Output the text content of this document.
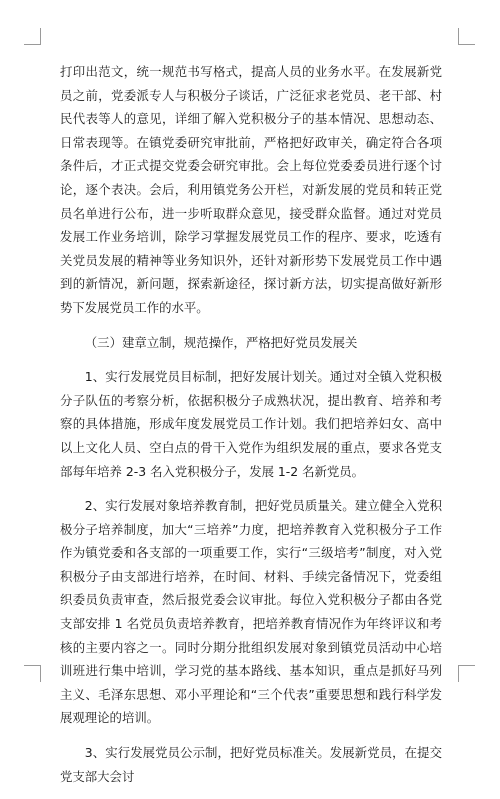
打印出范文，统一规范书写格式，提高人员的业务水平。在发展新党员之前，党委派专人与积极分子谈话，广泛征求老党员、老干部、村民代表等人的意见，详细了解入党积极分子的基本情况、思想动态、日常表现等。在镇党委研究审批前，严格把好政审关，确定符合各项条件后，才正式提交党委会研究审批。会上每位党委委员进行逐个讨论，逐个表决。会后，利用镇党务公开栏，对新发展的党员和转正党员名单进行公布，进一步听取群众意见，接受群众监督。通过对党员发展工作业务培训，除学习掌握发展党员工作的程序、要求，吃透有关党员发展的精神等业务知识外，还针对新形势下发展党员工作中遇到的新情况，新问题，探索新途径，探讨新方法，切实提高做好新形势下发展党员工作的水平。

（三）建章立制，规范操作，严格把好党员发展关

1、实行发展党员目标制，把好发展计划关。通过对全镇入党积极分子队伍的考察分析，依据积极分子成熟状况，提出教育、培养和考察的具体措施，形成年度发展党员工作计划。我们把培养妇女、高中以上文化人员、空白点的骨干入党作为组织发展的重点，要求各党支部每年培养 2-3 名入党积极分子，发展 1-2 名新党员。

2、实行发展对象培养教育制，把好党员质量关。建立健全入党积极分子培养制度，加大“三培养”力度，把培养教育入党积极分子工作作为镇党委和各支部的一项重要工作，实行“三级培考”制度，对入党积极分子由支部进行培养，在时间、材料、手续完备情况下，党委组织委员负责审查，然后报党委会议审批。每位入党积极分子都由各党支部安排 1 名党员负责培养教育，把培养教育情况作为年终评议和考核的主要内容之一。同时分期分批组织发展对象到镇党员活动中心培训班进行集中培训，学习党的基本路线、基本知识，重点是抓好马列主义、毛泽东思想、邓小平理论和“三个代表”重要思想和践行科学发展观理论的培训。

3、实行发展党员公示制，把好党员标准关。发展新党员，在提交党支部大会讨
